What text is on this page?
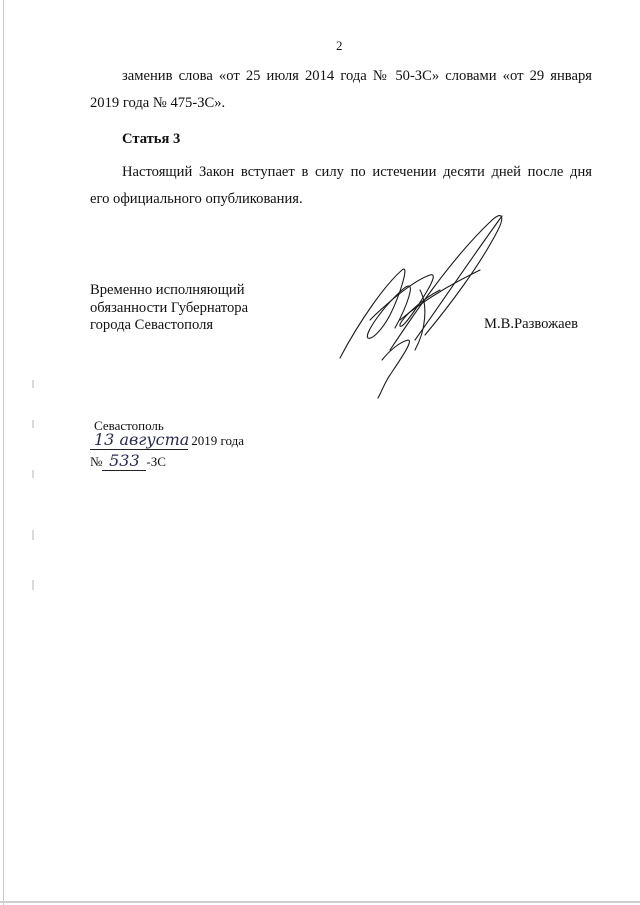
2

заменив слова «от 25 июля 2014 года № 50-ЗС» словами «от 29 января
2019 года № 475-ЗС».

Статья 3

Настоящий Закон вступает в силу по истечении десяти дней после дня
его официального опубликования.

Временно исполняющий
обязанности Губернатора
города Севастополя	М.В.Развожаев

Севастополь

13 августа 2019 года
№ 533 -ЗС
